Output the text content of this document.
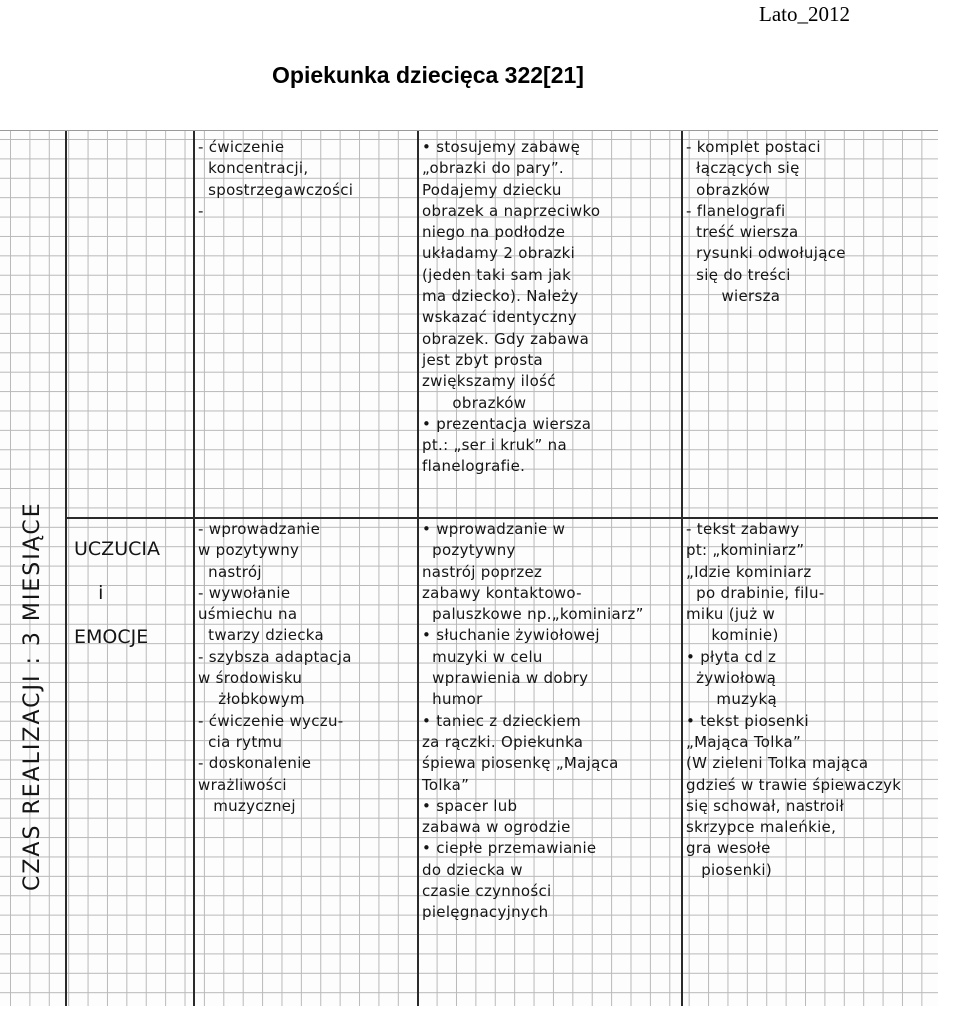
Lato_2012
Opiekunka dziecięca 322[21]
CZAS REALIZACJI : 3 MIESIĄCE
- ćwiczenie
koncentracji,
spostrzegawczości
-
• stosujemy zabawę
„obrazki do pary”.
Podajemy dziecku
obrazek a naprzeciwko
niego na podłodze
układamy 2 obrazki
(jeden taki sam jak
ma dziecko). Należy
wskazać identyczny
obrazek. Gdy zabawa
jest zbyt prosta
zwiększamy ilość
obrazków
• prezentacja wiersza
pt.: „ser i kruk” na
flanelografie.
- komplet postaci
łączących się
obrazków
- flanelografi
treść wiersza
rysunki odwołujące
się do treści
wiersza
UCZUCIA
i
EMOCJE
- wprowadzanie
w pozytywny
nastrój
- wywołanie
uśmiechu na
twarzy dziecka
- szybsza adaptacja
w środowisku
żłobkowym
- ćwiczenie wyczu-
cia rytmu
- doskonalenie
wrażliwości
muzycznej
• wprowadzanie w
pozytywny
nastrój poprzez
zabawy kontaktowo-
paluszkowe np.„kominiarz”
• słuchanie żywiołowej
muzyki w celu
wprawienia w dobry
humor
• taniec z dzieckiem
za rączki. Opiekunka
śpiewa piosenkę „Mająca
Tolka”
• spacer lub
zabawa w ogrodzie
• ciepłe przemawianie
do dziecka w
czasie czynności
pielęgnacyjnych
- tekst zabawy
pt: „kominiarz”
„Idzie kominiarz
po drabinie, filu-
miku (już w
kominie)
• płyta cd z
żywiołową
muzyką
• tekst piosenki
„Mająca Tolka”
(W zieleni Tolka mająca
gdzieś w trawie śpiewaczyk
się schował, nastroił
skrzypce maleńkie,
gra wesołe
piosenki)
